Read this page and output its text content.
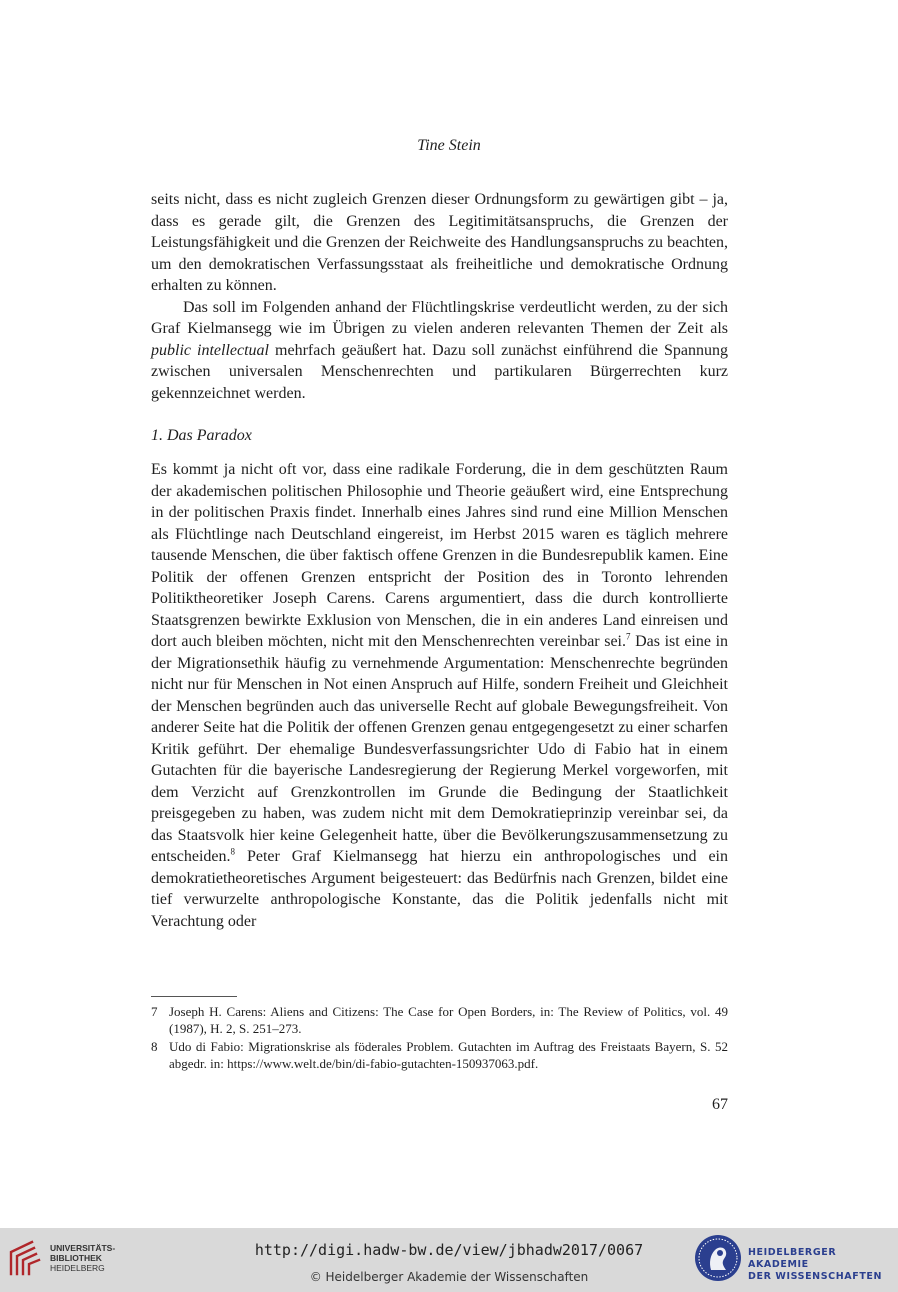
Tine Stein

seits nicht, dass es nicht zugleich Grenzen dieser Ordnungsform zu gewärtigen gibt – ja, dass es gerade gilt, die Grenzen des Legitimitätsanspruchs, die Grenzen der Leistungsfähigkeit und die Grenzen der Reichweite des Handlungsanspruchs zu beachten, um den demokratischen Verfassungsstaat als freiheitliche und demokratische Ordnung erhalten zu können.

Das soll im Folgenden anhand der Flüchtlingskrise verdeutlicht werden, zu der sich Graf Kielmansegg wie im Übrigen zu vielen anderen relevanten Themen der Zeit als public intellectual mehrfach geäußert hat. Dazu soll zunächst einführend die Spannung zwischen universalen Menschenrechten und partikularen Bürgerrechten kurz gekennzeichnet werden.

1. Das Paradox

Es kommt ja nicht oft vor, dass eine radikale Forderung, die in dem geschützten Raum der akademischen politischen Philosophie und Theorie geäußert wird, eine Entsprechung in der politischen Praxis findet. Innerhalb eines Jahres sind rund eine Million Menschen als Flüchtlinge nach Deutschland eingereist, im Herbst 2015 waren es täglich mehrere tausende Menschen, die über faktisch offene Grenzen in die Bundesrepublik kamen. Eine Politik der offenen Grenzen entspricht der Position des in Toronto lehrenden Politiktheoretiker Joseph Carens. Carens argumentiert, dass die durch kontrollierte Staatsgrenzen bewirkte Exklusion von Menschen, die in ein anderes Land einreisen und dort auch bleiben möchten, nicht mit den Menschenrechten vereinbar sei.$^7$ Das ist eine in der Migrationsethik häufig zu vernehmende Argumentation: Menschenrechte begründen nicht nur für Menschen in Not einen Anspruch auf Hilfe, sondern Freiheit und Gleichheit der Menschen begründen auch das universelle Recht auf globale Bewegungsfreiheit. Von anderer Seite hat die Politik der offenen Grenzen genau entgegengesetzt zu einer scharfen Kritik geführt. Der ehemalige Bundesverfassungsrichter Udo di Fabio hat in einem Gutachten für die bayerische Landesregierung der Regierung Merkel vorgeworfen, mit dem Verzicht auf Grenzkontrollen im Grunde die Bedingung der Staatlichkeit preisgegeben zu haben, was zudem nicht mit dem Demokratieprinzip vereinbar sei, da das Staatsvolk hier keine Gelegenheit hatte, über die Bevölkerungszusammensetzung zu entscheiden.$^8$ Peter Graf Kielmansegg hat hierzu ein anthropologisches und ein demokratietheoretisches Argument beigesteuert: das Bedürfnis nach Grenzen, bildet eine tief verwurzelte anthropologische Konstante, das die Politik jedenfalls nicht mit Verachtung oder

7 Joseph H. Carens: Aliens and Citizens: The Case for Open Borders, in: The Review of Politics, vol. 49 (1987), H. 2, S. 251–273.
8 Udo di Fabio: Migrationskrise als föderales Problem. Gutachten im Auftrag des Freistaats Bayern, S. 52 abgedr. in: https://www.welt.de/bin/di-fabio-gutachten-150937063.pdf.
67
UNIVERSITÄTS-
BIBLIOTHEK
HEIDELBERG
http://digi.hadw-bw.de/view/jbhadw2017/0067
© Heidelberger Akademie der Wissenschaften
HEIDELBERGER AKADEMIE
DER WISSENSCHAFTEN
